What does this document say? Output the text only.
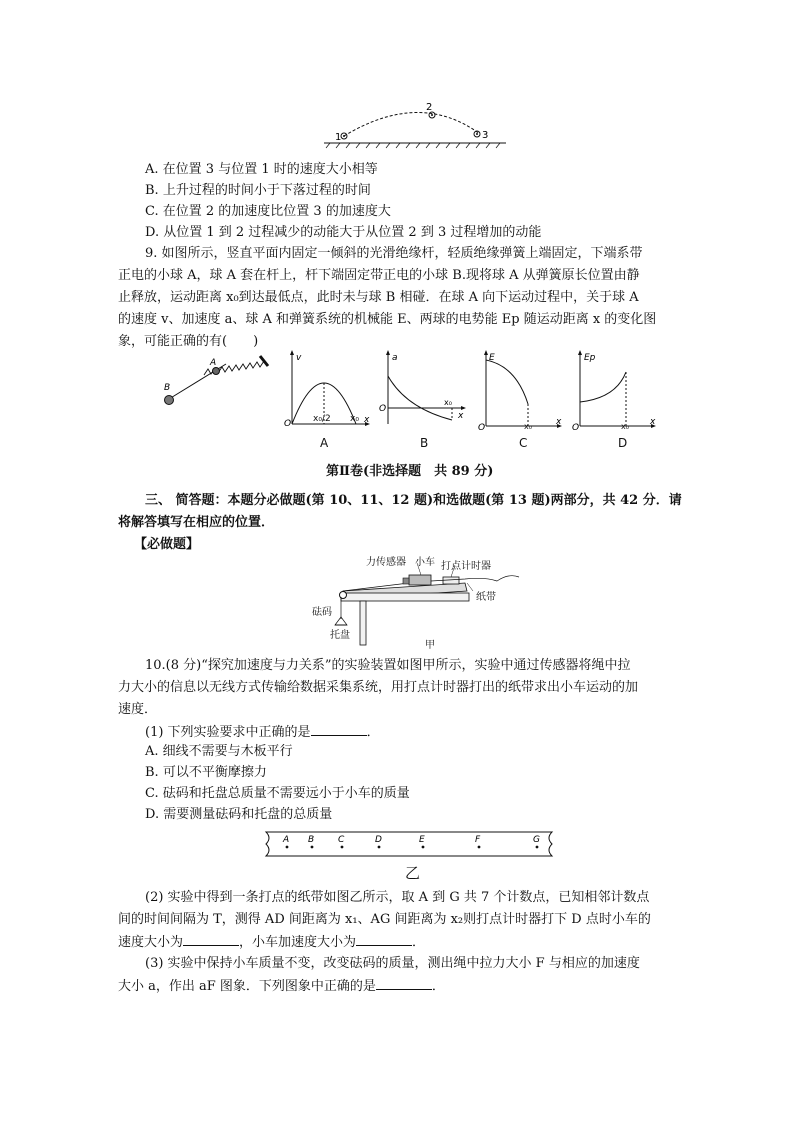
1
2
3
A. 在位置 3 与位置 1 时的速度大小相等
B. 上升过程的时间小于下落过程的时间
C. 在位置 2 的加速度比位置 3 的加速度大
D. 从位置 1 到 2 过程减少的动能大于从位置 2 到 3 过程增加的动能
9. 如图所示，竖直平面内固定一倾斜的光滑绝缘杆，轻质绝缘弹簧上端固定，下端系带
正电的小球 A，球 A 套在杆上，杆下端固定带正电的小球 B.现将球 A 从弹簧原长位置由静
止释放，运动距离 x₀到达最低点，此时未与球 B 相碰．在球 A 向下运动过程中，关于球 A
的速度 v、加速度 a、球 A 和弹簧系统的机械能 E、两球的电势能 Ep 随运动距离 x 的变化图
象，可能正确的有(　　)
A
B
v
x
O x₀/2 x₀
A
a
x
O
x₀
B
E
x
O	x₀
C
Ep
x
O	x₀
D
第Ⅱ卷(非选择题　共 89 分)
三、 简答题：本题分必做题(第 10、11、12 题)和选做题(第 13 题)两部分，共 42 分．请
将解答填写在相应的位置．
【必做题】
力传感器 小车 打点计时器
纸带
砝码
托盘
甲
10.(8 分)“探究加速度与力关系”的实验装置如图甲所示，实验中通过传感器将绳中拉
力大小的信息以无线方式传输给数据采集系统，用打点计时器打出的纸带求出小车运动的加
速度．
(1) 下列实验要求中正确的是	．
A. 细线不需要与木板平行
B. 可以不平衡摩擦力
C. 砝码和托盘总质量不需要远小于小车的质量
D. 需要测量砝码和托盘的总质量
A B	C	D	E	F	G
乙
(2) 实验中得到一条打点的纸带如图乙所示，取 A 到 G 共 7 个计数点，已知相邻计数点
间的时间间隔为 T，测得 AD 间距离为 x₁、AG 间距离为 x₂则打点计时器打下 D 点时小车的
速度大小为	，小车加速度大小为	．
(3) 实验中保持小车质量不变，改变砝码的质量，测出绳中拉力大小 F 与相应的加速度
大小 a，作出 aF 图象．下列图象中正确的是	．
